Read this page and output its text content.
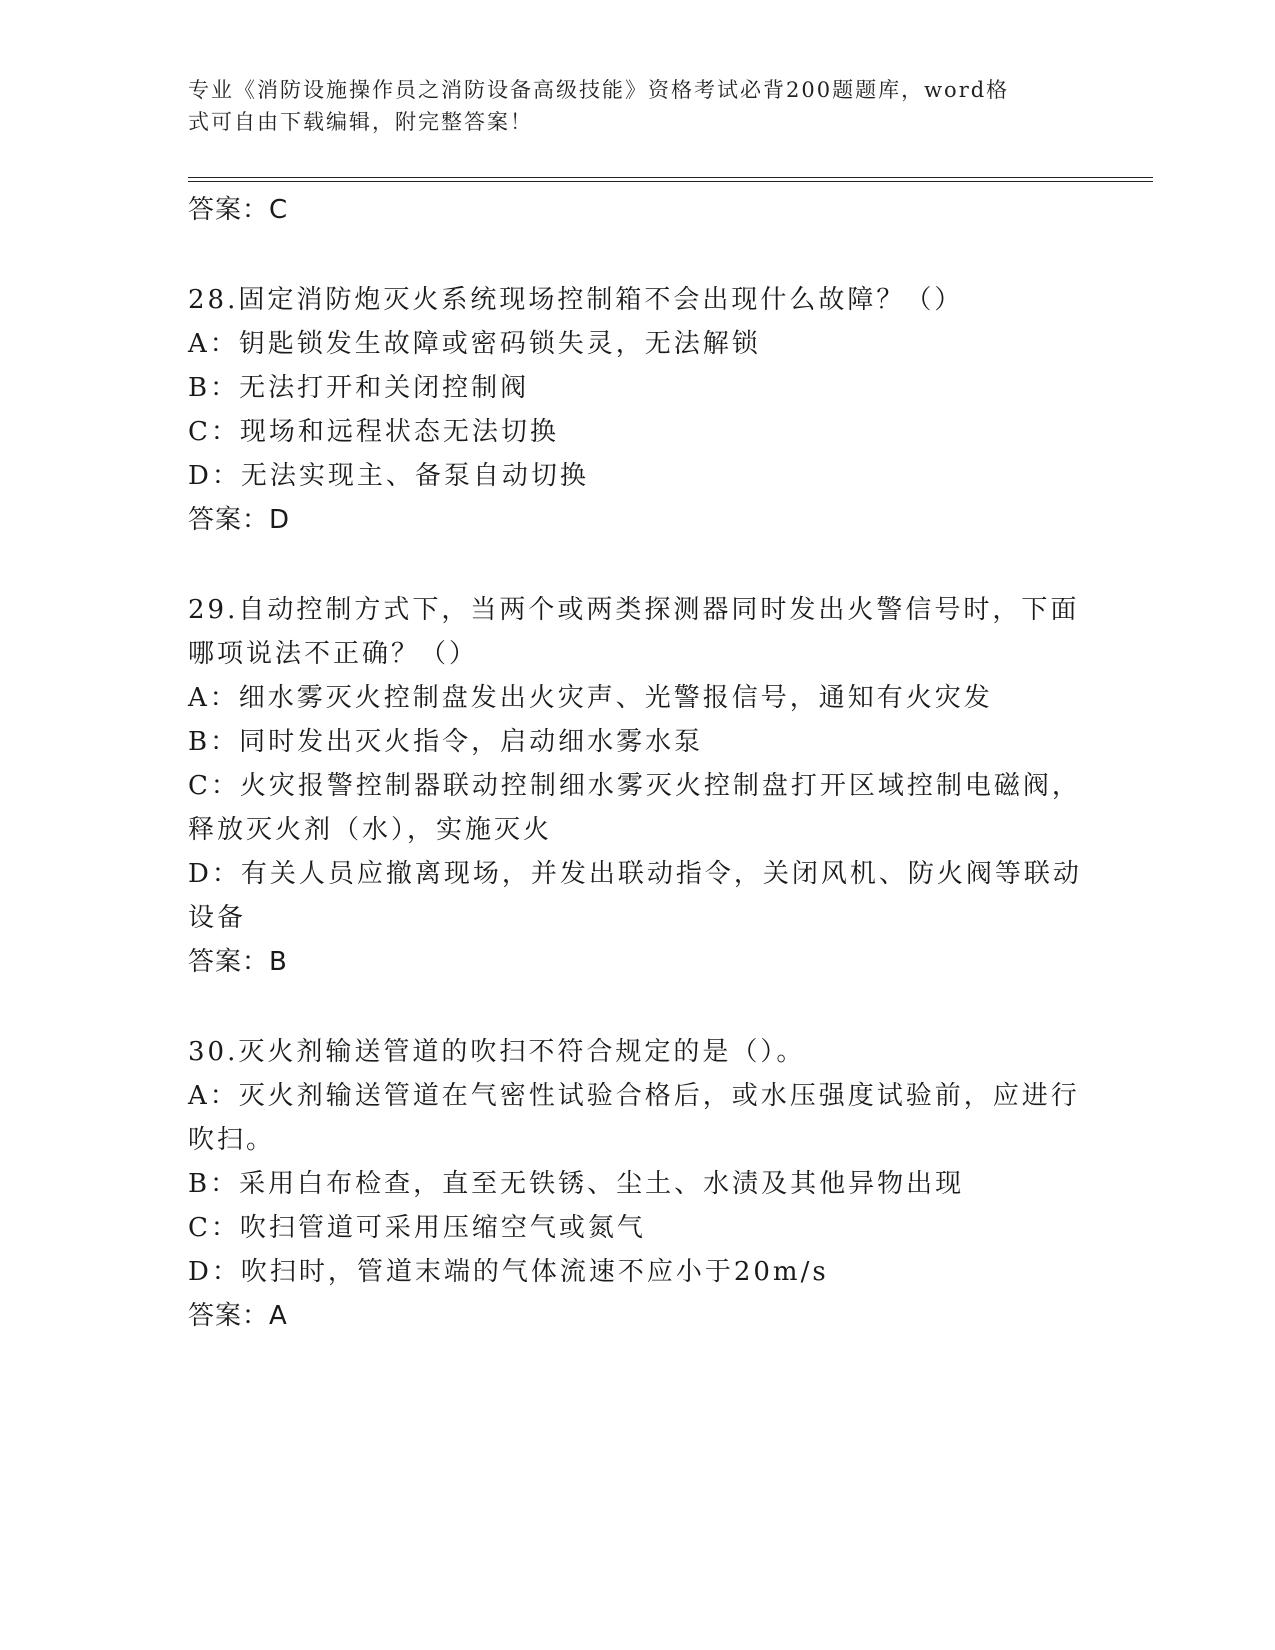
专业《消防设施操作员之消防设备高级技能》资格考试必背200题题库，word格
式可自由下载编辑，附完整答案！
答案：C
28.固定消防炮灭火系统现场控制箱不会出现什么故障？（）
A：钥匙锁发生故障或密码锁失灵，无法解锁
B：无法打开和关闭控制阀
C：现场和远程状态无法切换
D：无法实现主、备泵自动切换
答案：D
29.自动控制方式下，当两个或两类探测器同时发出火警信号时，下面
哪项说法不正确？（）
A：细水雾灭火控制盘发出火灾声、光警报信号，通知有火灾发
B：同时发出灭火指令，启动细水雾水泵
C：火灾报警控制器联动控制细水雾灭火控制盘打开区域控制电磁阀，
释放灭火剂（水），实施灭火
D：有关人员应撤离现场，并发出联动指令，关闭风机、防火阀等联动
设备
答案：B
30.灭火剂输送管道的吹扫不符合规定的是（）。
A：灭火剂输送管道在气密性试验合格后，或水压强度试验前，应进行
吹扫。
B：采用白布检查，直至无铁锈、尘土、水渍及其他异物出现
C：吹扫管道可采用压缩空气或氮气
D：吹扫时，管道末端的气体流速不应小于20m/s
答案：A
